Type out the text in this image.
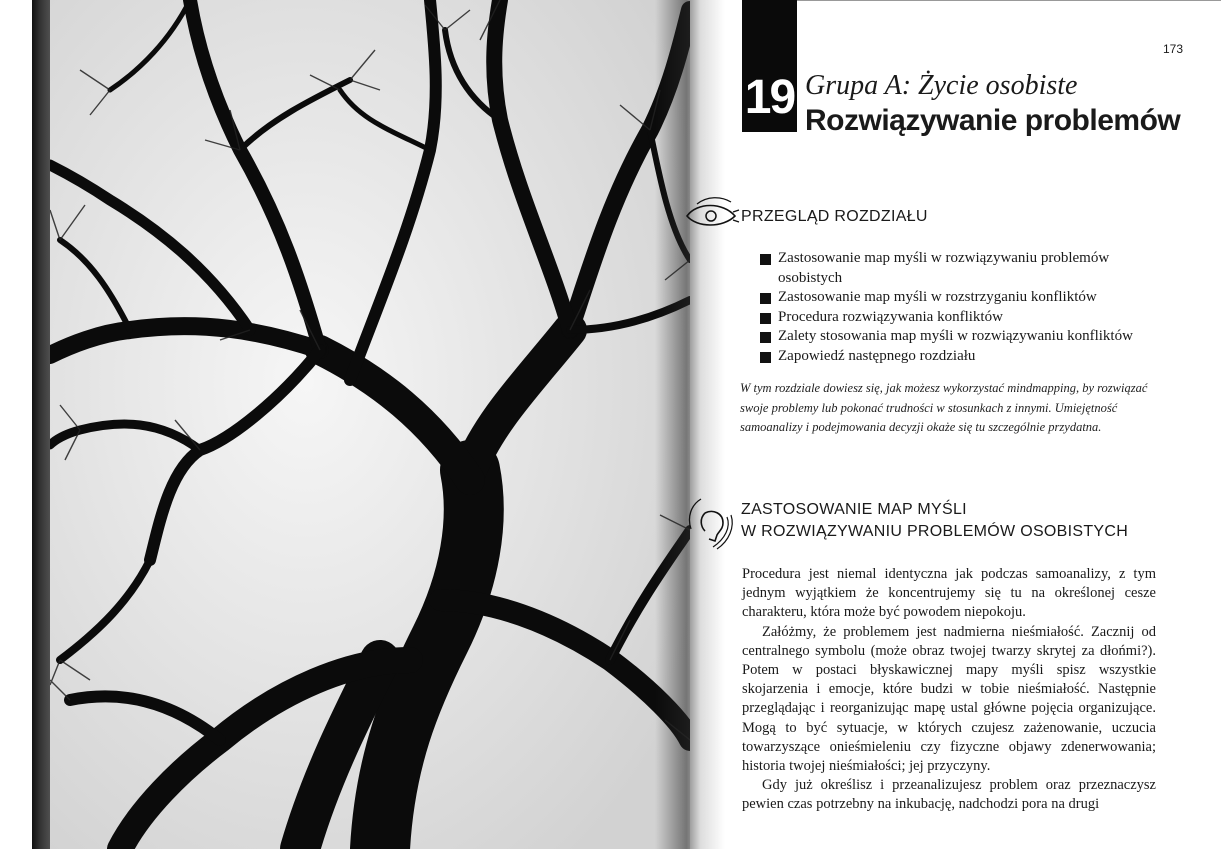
173
19 Grupa A: Życie osobiste
Rozwiązywanie problemów
PRZEGLĄD ROZDZIAŁU
Zastosowanie map myśli w rozwiązywaniu problemów osobistych
Zastosowanie map myśli w rozstrzyganiu konfliktów
Procedura rozwiązywania konfliktów
Zalety stosowania map myśli w rozwiązywaniu konfliktów
Zapowiedź następnego rozdziału
W tym rozdziale dowiesz się, jak możesz wykorzystać mindmapping, by rozwiązać swoje problemy lub pokonać trudności w stosunkach z innymi. Umiejętność samoanalizy i podejmowania decyzji okaże się tu szczególnie przydatna.
ZASTOSOWANIE MAP MYŚLI
W ROZWIĄZYWANIU PROBLEMÓW OSOBISTYCH

Procedura jest niemal identyczna jak podczas samoanalizy, z tym jednym wyjątkiem że koncentrujemy się tu na określonej cesze charakteru, która może być powodem niepokoju.

Załóżmy, że problemem jest nadmierna nieśmiałość. Zacznij od centralnego symbolu (może obraz twojej twarzy skrytej za dłońmi?). Potem w postaci błyskawicznej mapy myśli spisz wszystkie skojarzenia i emocje, które budzi w tobie nieśmiałość. Następnie przeglądając i reorganizując mapę ustal główne pojęcia organizujące. Mogą to być sytuacje, w których czujesz zażenowanie, uczucia towarzyszące onieśmieleniu czy fizyczne objawy zdenerwowania; historia twojej nieśmiałości; jej przyczyny.

Gdy już określisz i przeanalizujesz problem oraz przeznaczysz pewien czas potrzebny na inkubację, nadchodzi pora na drugi
